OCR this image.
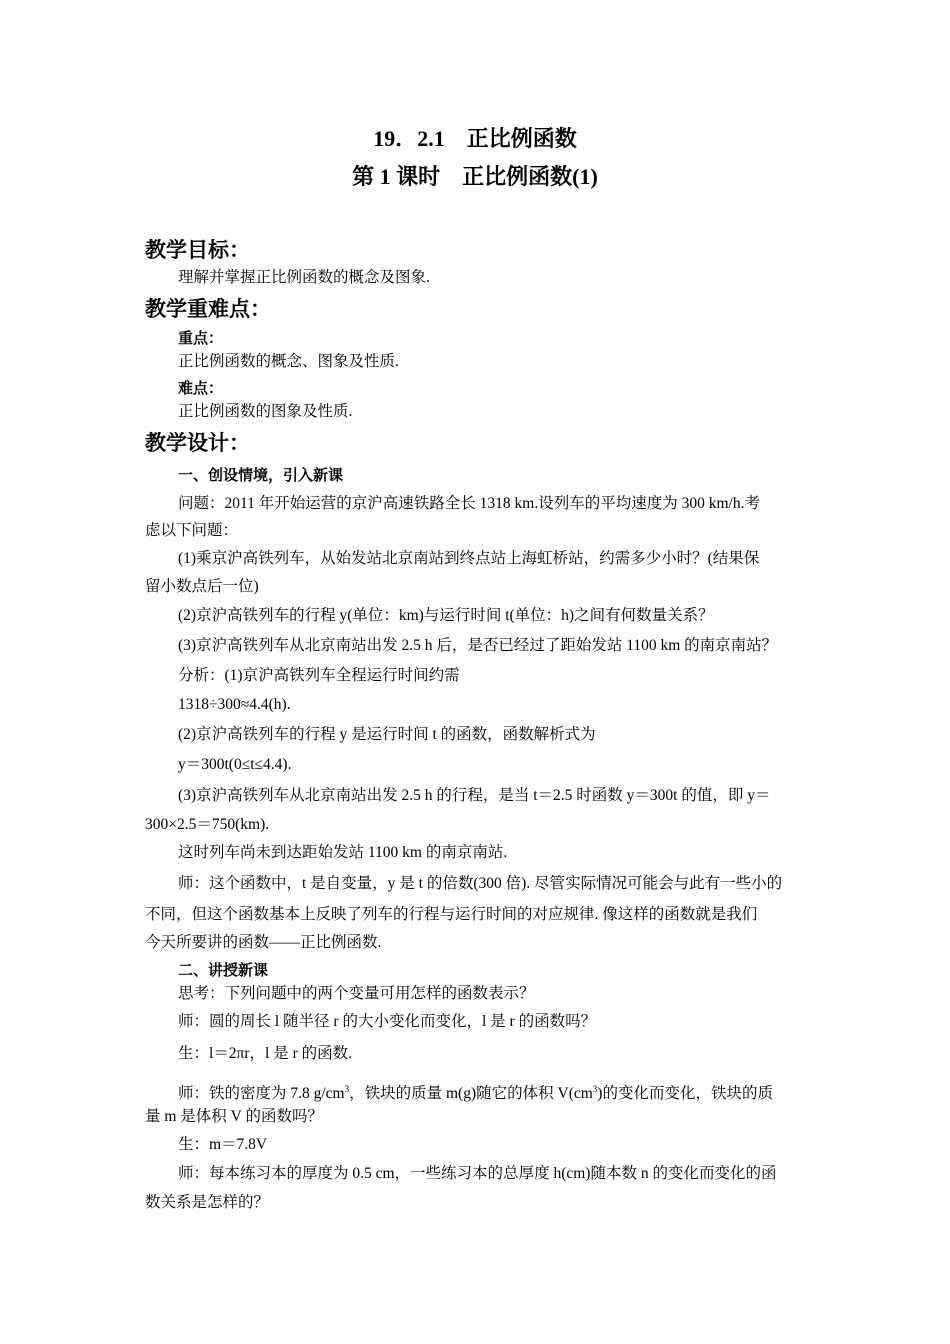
19．2.1　正比例函数
第 1 课时　正比例函数(1)
教学目标：
理解并掌握正比例函数的概念及图象.
教学重难点：
重点：
正比例函数的概念、图象及性质.
难点：
正比例函数的图象及性质.
教学设计：
一、创设情境，引入新课
问题：2011 年开始运营的京沪高速铁路全长 1318 km.设列车的平均速度为 300 km/h.考
虑以下问题：
(1)乘京沪高铁列车，从始发站北京南站到终点站上海虹桥站，约需多少小时？(结果保
留小数点后一位)
(2)京沪高铁列车的行程 y(单位：km)与运行时间 t(单位：h)之间有何数量关系？
(3)京沪高铁列车从北京南站出发 2.5 h 后，是否已经过了距始发站 1100 km 的南京南站？
分析：(1)京沪高铁列车全程运行时间约需
1318÷300≈4.4(h).
(2)京沪高铁列车的行程 y 是运行时间 t 的函数，函数解析式为
y＝300t(0≤t≤4.4).
(3)京沪高铁列车从北京南站出发 2.5 h 的行程，是当 t＝2.5 时函数 y＝300t 的值，即 y＝
300×2.5＝750(km).
这时列车尚未到达距始发站 1100 km 的南京南站.
师：这个函数中，t 是自变量，y 是 t 的倍数(300 倍). 尽管实际情况可能会与此有一些小的
不同，但这个函数基本上反映了列车的行程与运行时间的对应规律. 像这样的函数就是我们
今天所要讲的函数——正比例函数.
二、讲授新课
思考：下列问题中的两个变量可用怎样的函数表示？
师：圆的周长 l 随半径 r 的大小变化而变化，l 是 r 的函数吗？
生：l＝2πr，l 是 r 的函数.
师：铁的密度为 7.8 $g/cm^3$，铁块的质量 m(g)随它的体积 $V(cm^3)$的变化而变化，铁块的质
量 m 是体积 V 的函数吗？
生：m＝7.8V
师：每本练习本的厚度为 0.5 cm，一些练习本的总厚度 h(cm)随本数 n 的变化而变化的函
数关系是怎样的？
